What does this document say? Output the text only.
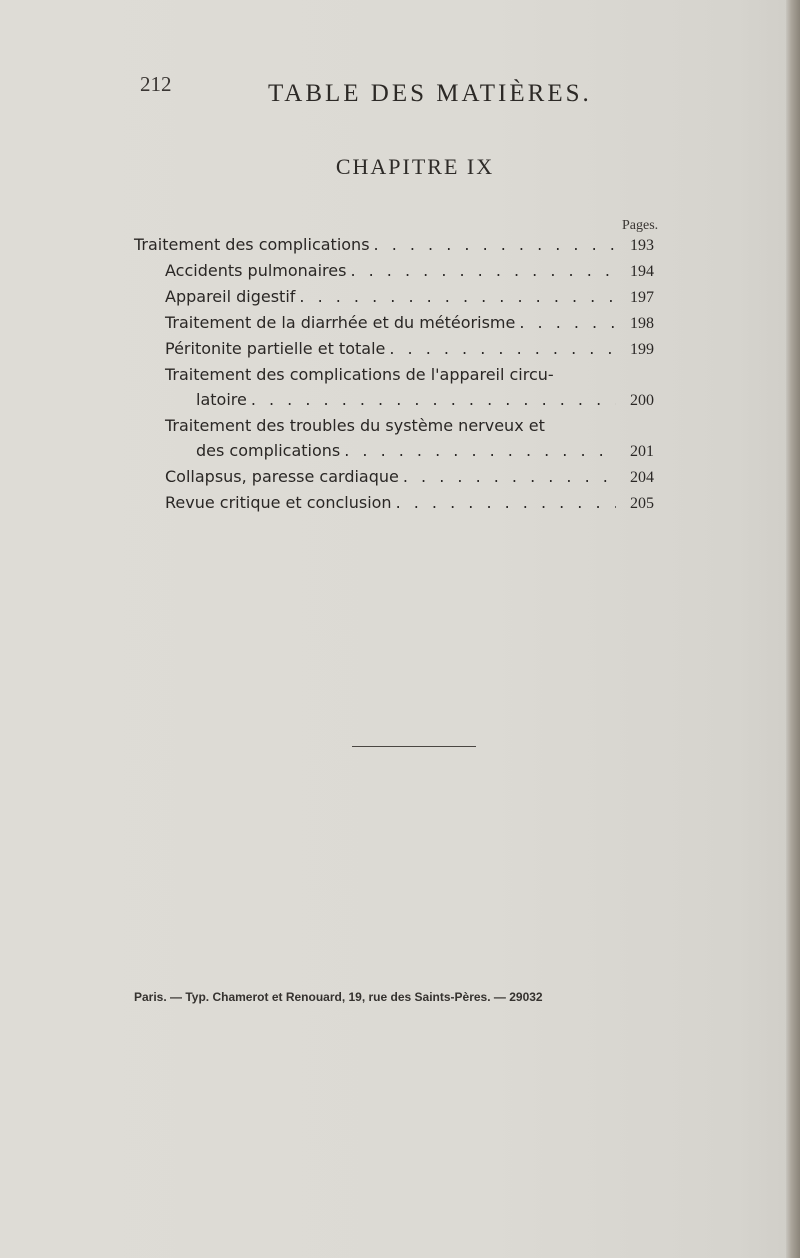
212	TABLE DES MATIÈRES.
CHAPITRE IX
Pages.
Traitement des complications . . .	193
Accidents pulmonaires . . .	194
Appareil digestif . . .	197
Traitement de la diarrhée et du météorisme . . .	198
Péritonite partielle et totale . . .	199
Traitement des complications de l'appareil circu-
latoire . . .	200
Traitement des troubles du système nerveux et
des complications . . .	201
Collapsus, paresse cardiaque . . .	204
Revue critique et conclusion . . .	205
Paris. — Typ. Chamerot et Renouard, 19, rue des Saints-Pères. — 29032
